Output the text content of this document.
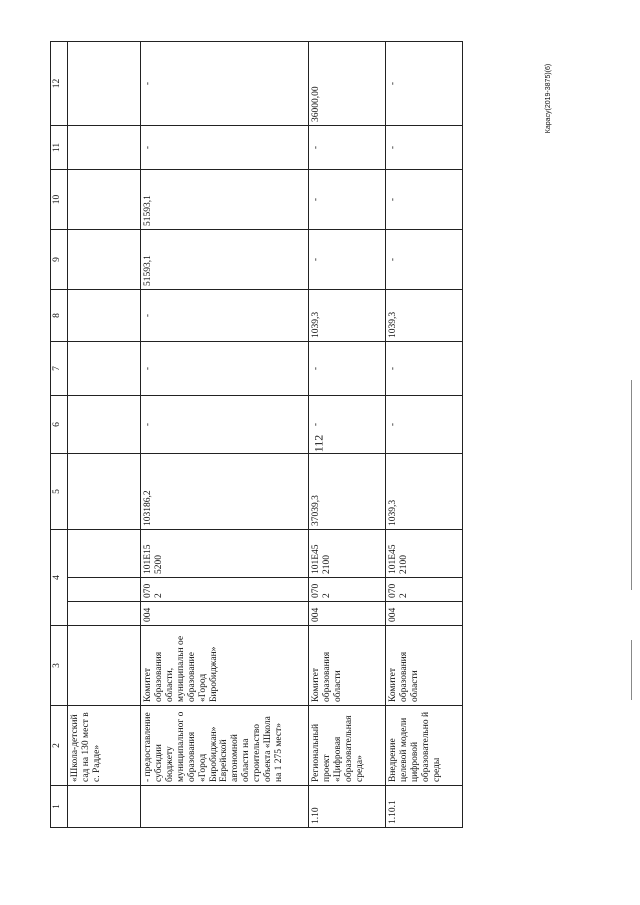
112
Карасу(2019-3875)(6)
1	2	3	4			5	6	7	8	9	10	11	12
	«Школа-детский сад на 130 мест в с. Радде»												
	- предоставление субсидии бюджету муниципальног о образования «Город Биробиджан» Еврейской автономной области на строительство объекта «Школа на 1 275 мест»	Комитет образования области, муниципальн ое образование «Город Биробиджан»	004	0702	101E15 5200	103186,2	-	-	-	51593,1	51593,1	-	-
1.10	Региональный проект «Цифровая образовательная среда»	Комитет образования области	004	0702	101E45 2100	37039,3	-	-	1039,3	-	-	-	36000,00
1.10.1	Внедрение целевой модели цифровой образовательно й среды	Комитет образования области	004	0702	101E45 2100	1039,3	-	-	1039,3	-	-	-	-
